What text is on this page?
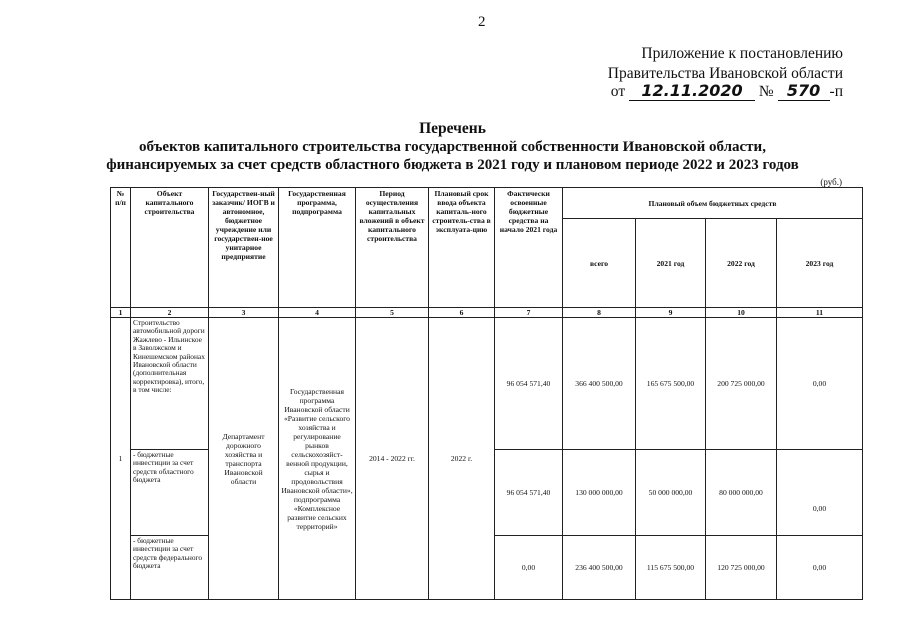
2
Приложение к постановлению
Правительства Ивановской области
от 12.11.2020 № 570 -п
Перечень
объектов капитального строительства государственной собственности Ивановской области,
финансируемых за счет средств областного бюджета в 2021 году и плановом периоде 2022 и 2023 годов
(руб.)
№ п/п	Объект капитального строительства	Государствен-ный заказчик/ ИОГВ и автономное, бюджетное учреждение или государствен-ное унитарное предприятие	Государственная программа, подпрограмма	Период осуществления капитальных вложений в объект капитального строительства	Плановый срок ввода объекта капиталь-ного строитель-ства в эксплуата-цию	Фактически освоенные бюджетные средства на начало 2021 года	Плановый объем бюджетных средств			
							всего	2021 год	2022 год	2023 год
1	2	3	4	5	6	7	8	9	10	11
1	Строительство автомобильной дороги Жажлево - Ильинское в Заволжском и Кинешемском районах Ивановской области (дополнительная корректировка), итого, в том числе:	Департамент дорожного хозяйства и транспорта Ивановской области	Государственная программа Ивановской области «Развитие сельского хозяйства и регулирование рынков сельскохозяйст-венной продукции, сырья и продовольствия Ивановской области», подпрограмма «Комплексное развитие сельских территорий»	2014 - 2022 гг.	2022 г.	96 054 571,40	366 400 500,00	165 675 500,00	200 725 000,00	0,00
	- бюджетные инвестиции за счет средств областного бюджета					96 054 571,40	130 000 000,00	50 000 000,00	80 000 000,00	0,00
	- бюджетные инвестиции за счет средств федерального бюджета					0,00	236 400 500,00	115 675 500,00	120 725 000,00	0,00
